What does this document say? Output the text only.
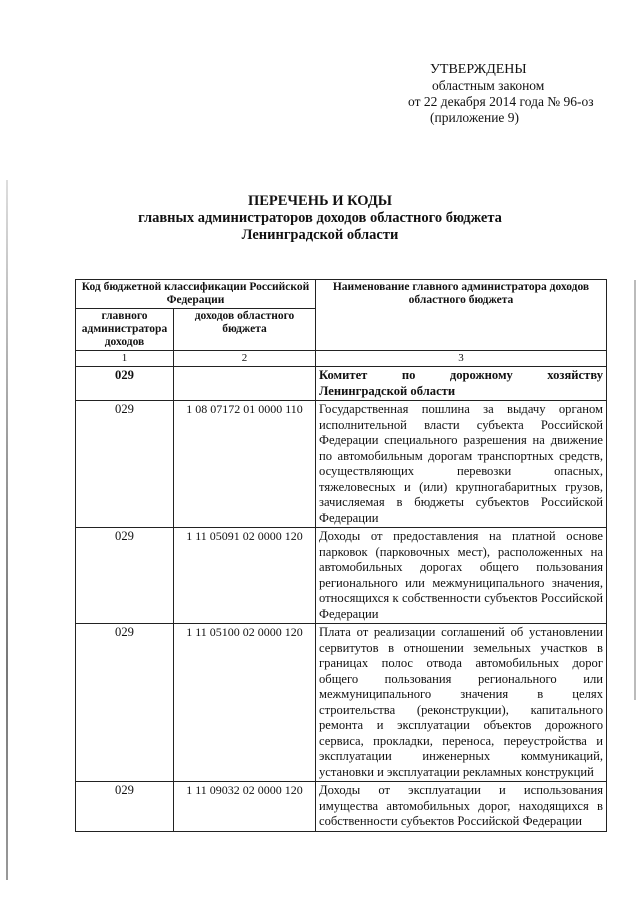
УТВЕРЖДЕНЫ
областным законом
от 22 декабря 2014 года № 96-оз
(приложение 9)
ПЕРЕЧЕНЬ И КОДЫ
главных администраторов доходов областного бюджета
Ленинградской области
Код бюджетной классификации Российской Федерации		Наименование главного администратора доходов областного бюджета
главного администратора доходов	доходов областного бюджета	
1	2	3
029		Комитет по дорожному хозяйству
Ленинградской области
029	1 08 07172 01 0000 110	Государственная пошлина за выдачу органом исполнительной власти субъекта Российской Федерации специального разрешения на движение по автомобильным дорогам транспортных средств, осуществляющих перевозки опасных, тяжеловесных и (или) крупногабаритных грузов, зачисляемая в бюджеты субъектов Российской Федерации
029	1 11 05091 02 0000 120	Доходы от предоставления на платной основе парковок (парковочных мест), расположенных на автомобильных дорогах общего пользования регионального или межмуниципального значения, относящихся к собственности субъектов Российской Федерации
029	1 11 05100 02 0000 120	Плата от реализации соглашений об установлении сервитутов в отношении земельных участков в границах полос отвода автомобильных дорог общего пользования регионального или межмуниципального значения в целях строительства (реконструкции), капитального ремонта и эксплуатации объектов дорожного сервиса, прокладки, переноса, переустройства и эксплуатации инженерных коммуникаций, установки и эксплуатации рекламных конструкций
029	1 11 09032 02 0000 120	Доходы от эксплуатации и использования имущества автомобильных дорог, находящихся в собственности субъектов Российской Федерации
